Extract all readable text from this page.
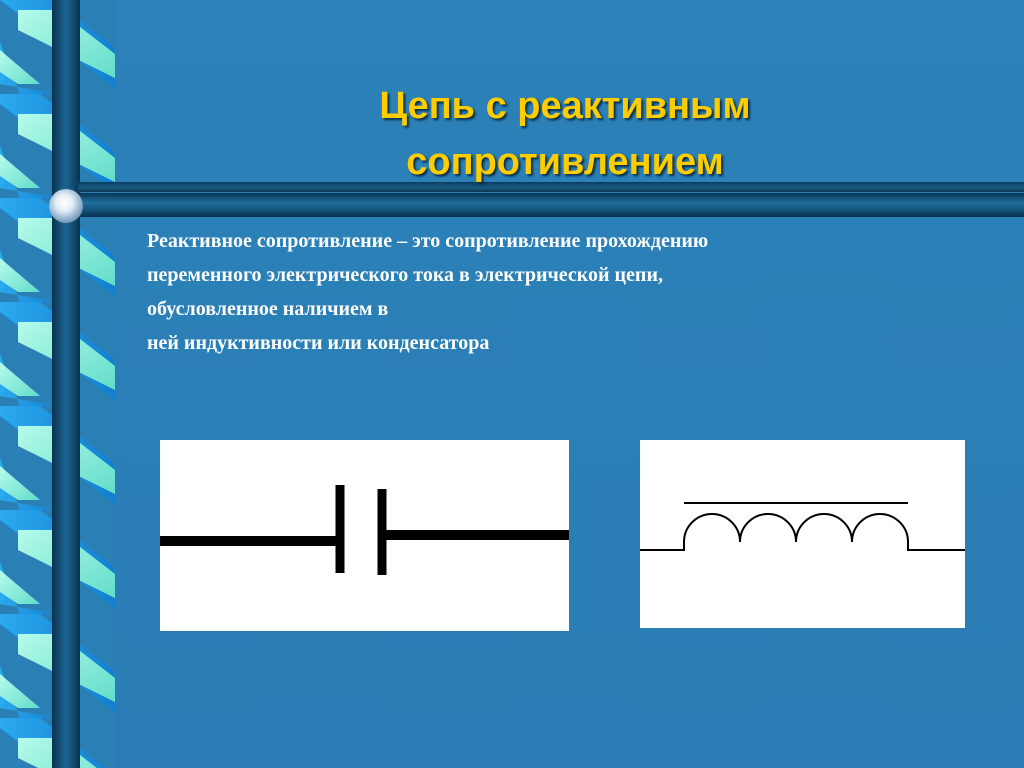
Цепь с реактивным
сопротивлением
Реактивное сопротивление – это сопротивление прохождению
переменного электрического тока в электрической цепи,
обусловленное наличием в
ней индуктивности или конденсатора
